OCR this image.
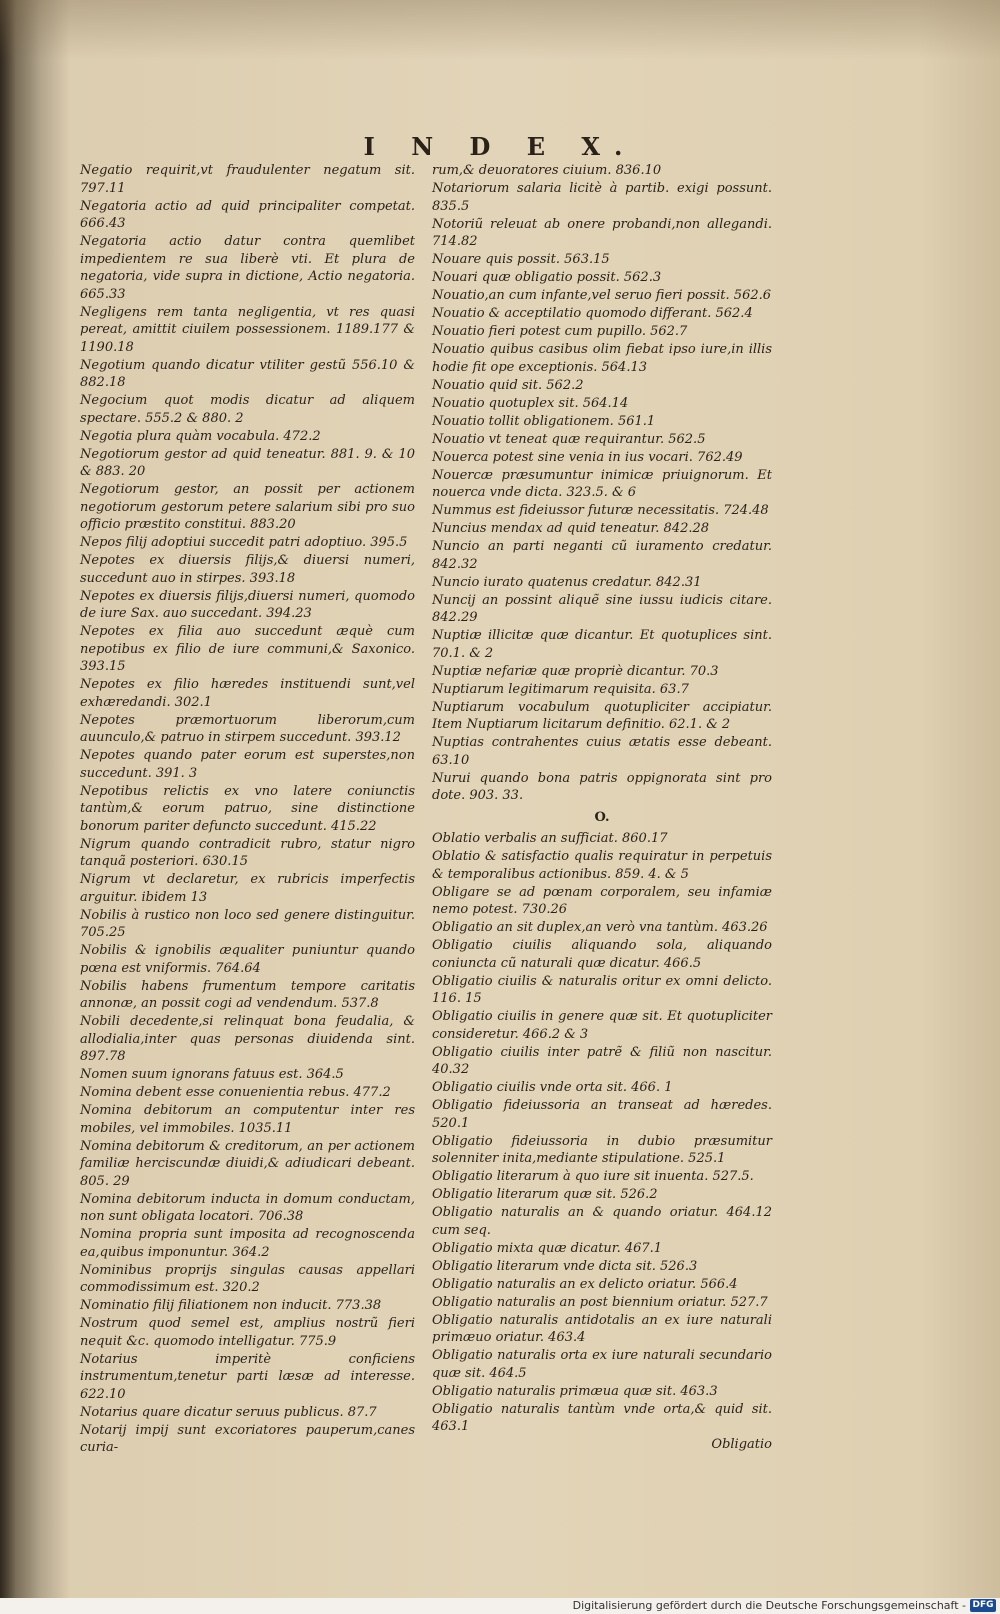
I N D E X.
Negatio requirit,vt fraudulenter negatum sit. 797.11
Negatoria actio ad quid principaliter competat. 666.43
Negatoria actio datur contra quemlibet impedientem re sua liberè vti. Et plura de negatoria, vide supra in dictione, Actio negatoria. 665.33
Negligens rem tanta negligentia, vt res quasi pereat, amittit ciuilem possessionem. 1189.177 & 1190.18
Negotium quando dicatur vtiliter gestũ 556.10 & 882.18
Negocium quot modis dicatur ad aliquem spectare. 555.2 & 880. 2
Negotia plura quàm vocabula. 472.2
Negotiorum gestor ad quid teneatur. 881. 9. & 10 & 883. 20
Negotiorum gestor, an possit per actionem negotiorum gestorum petere salarium sibi pro suo officio præstito constitui. 883.20
Nepos filij adoptiui succedit patri adoptiuo. 395.5
Nepotes ex diuersis filijs,& diuersi numeri, succedunt auo in stirpes. 393.18
Nepotes ex diuersis filijs,diuersi numeri, quomodo de iure Sax. auo succedant. 394.23
Nepotes ex filia auo succedunt æquè cum nepotibus ex filio de iure communi,& Saxonico. 393.15
Nepotes ex filio hæredes instituendi sunt,vel exhæredandi. 302.1
Nepotes præmortuorum liberorum,cum auunculo,& patruo in stirpem succedunt. 393.12
Nepotes quando pater eorum est superstes,non succedunt. 391. 3
Nepotibus relictis ex vno latere coniunctis tantùm,& eorum patruo, sine distinctione bonorum pariter defuncto succedunt. 415.22
Nigrum quando contradicit rubro, statur nigro tanquã posteriori. 630.15
Nigrum vt declaretur, ex rubricis imperfectis arguitur. ibidem 13
Nobilis à rustico non loco sed genere distinguitur. 705.25
Nobilis & ignobilis æqualiter puniuntur quando pœna est vniformis. 764.64
Nobilis habens frumentum tempore caritatis annonæ, an possit cogi ad vendendum. 537.8
Nobili decedente,si relinquat bona feudalia, & allodialia,inter quas personas diuidenda sint. 897.78
Nomen suum ignorans fatuus est. 364.5
Nomina debent esse conuenientia rebus. 477.2
Nomina debitorum an computentur inter res mobiles, vel immobiles. 1035.11
Nomina debitorum & creditorum, an per actionem familiæ herciscundæ diuidi,& adiudicari debeant. 805. 29
Nomina debitorum inducta in domum conductam, non sunt obligata locatori. 706.38
Nomina propria sunt imposita ad recognoscenda ea,quibus imponuntur. 364.2
Nominibus proprijs singulas causas appellari commodissimum est. 320.2
Nominatio filij filiationem non inducit. 773.38
Nostrum quod semel est, amplius nostrũ fieri nequit &c. quomodo intelligatur. 775.9
Notarius imperitè conficiens instrumentum,tenetur parti læsæ ad interesse. 622.10
Notarius quare dicatur seruus publicus. 87.7
Notarij impij sunt excoriatores pauperum,canes curia-
rum,& deuoratores ciuium. 836.10
Notariorum salaria licitè à partib. exigi possunt. 835.5
Notoriũ releuat ab onere probandi,non allegandi. 714.82
Nouare quis possit. 563.15
Nouari quæ obligatio possit. 562.3
Nouatio,an cum infante,vel seruo fieri possit. 562.6
Nouatio & acceptilatio quomodo differant. 562.4
Nouatio fieri potest cum pupillo. 562.7
Nouatio quibus casibus olim fiebat ipso iure,in illis hodie fit ope exceptionis. 564.13
Nouatio quid sit. 562.2
Nouatio quotuplex sit. 564.14
Nouatio tollit obligationem. 561.1
Nouatio vt teneat quæ requirantur. 562.5
Nouerca potest sine venia in ius vocari. 762.49
Nouercæ præsumuntur inimicæ priuignorum. Et nouerca vnde dicta. 323.5. & 6
Nummus est fideiussor futuræ necessitatis. 724.48
Nuncius mendax ad quid teneatur. 842.28
Nuncio an parti neganti cũ iuramento credatur. 842.32
Nuncio iurato quatenus credatur. 842.31
Nuncij an possint aliquẽ sine iussu iudicis citare. 842.29
Nuptiæ illicitæ quæ dicantur. Et quotuplices sint. 70.1. & 2
Nuptiæ nefariæ quæ propriè dicantur. 70.3
Nuptiarum legitimarum requisita. 63.7
Nuptiarum vocabulum quotupliciter accipiatur. Item Nuptiarum licitarum definitio. 62.1. & 2
Nuptias contrahentes cuius ætatis esse debeant. 63.10
Nurui quando bona patris oppignorata sint pro dote. 903. 33.
O.
Oblatio verbalis an sufficiat. 860.17
Oblatio & satisfactio qualis requiratur in perpetuis & temporalibus actionibus. 859. 4. & 5
Obligare se ad pœnam corporalem, seu infamiæ nemo potest. 730.26
Obligatio an sit duplex,an verò vna tantùm. 463.26
Obligatio ciuilis aliquando sola, aliquando coniuncta cũ naturali quæ dicatur. 466.5
Obligatio ciuilis & naturalis oritur ex omni delicto. 116. 15
Obligatio ciuilis in genere quæ sit. Et quotupliciter consideretur. 466.2 & 3
Obligatio ciuilis inter patrẽ & filiũ non nascitur. 40.32
Obligatio ciuilis vnde orta sit. 466. 1
Obligatio fideiussoria an transeat ad hæredes. 520.1
Obligatio fideiussoria in dubio præsumitur solenniter inita,mediante stipulatione. 525.1
Obligatio literarum à quo iure sit inuenta. 527.5.
Obligatio literarum quæ sit. 526.2
Obligatio naturalis an & quando oriatur. 464.12 cum seq.
Obligatio mixta quæ dicatur. 467.1
Obligatio literarum vnde dicta sit. 526.3
Obligatio naturalis an ex delicto oriatur. 566.4
Obligatio naturalis an post biennium oriatur. 527.7
Obligatio naturalis antidotalis an ex iure naturali primæuo oriatur. 463.4
Obligatio naturalis orta ex iure naturali secundario quæ sit. 464.5
Obligatio naturalis primæua quæ sit. 463.3
Obligatio naturalis tantùm vnde orta,& quid sit. 463.1
Obligatio
Digitalisierung gefördert durch die Deutsche Forschungsgemeinschaft - DFG
